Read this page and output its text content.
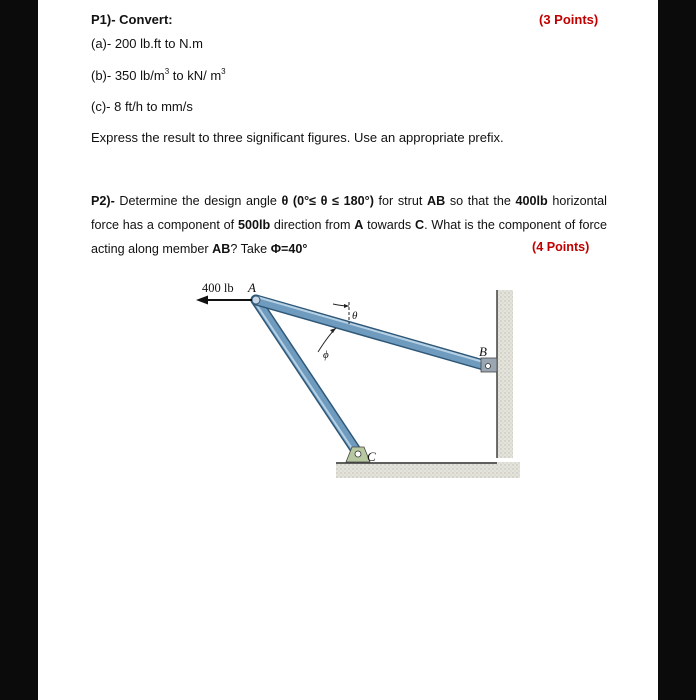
P1)- Convert:	(3 Points)
(a)- 200 lb.ft to N.m
(b)- 350 $lb/m^3$ to kN/ $m^3$
(c)- 8 ft/h to mm/s
Express the result to three significant figures. Use an appropriate prefix.
P2)- Determine the design angle θ (0°≤ θ ≤ 180°) for strut AB so that the 400lb horizontal force has a component of 500lb direction from A towards C. What is the component of force acting along member AB? Take Φ=40°	(4 Points)
400 lb A
B
C
θ
ϕ
